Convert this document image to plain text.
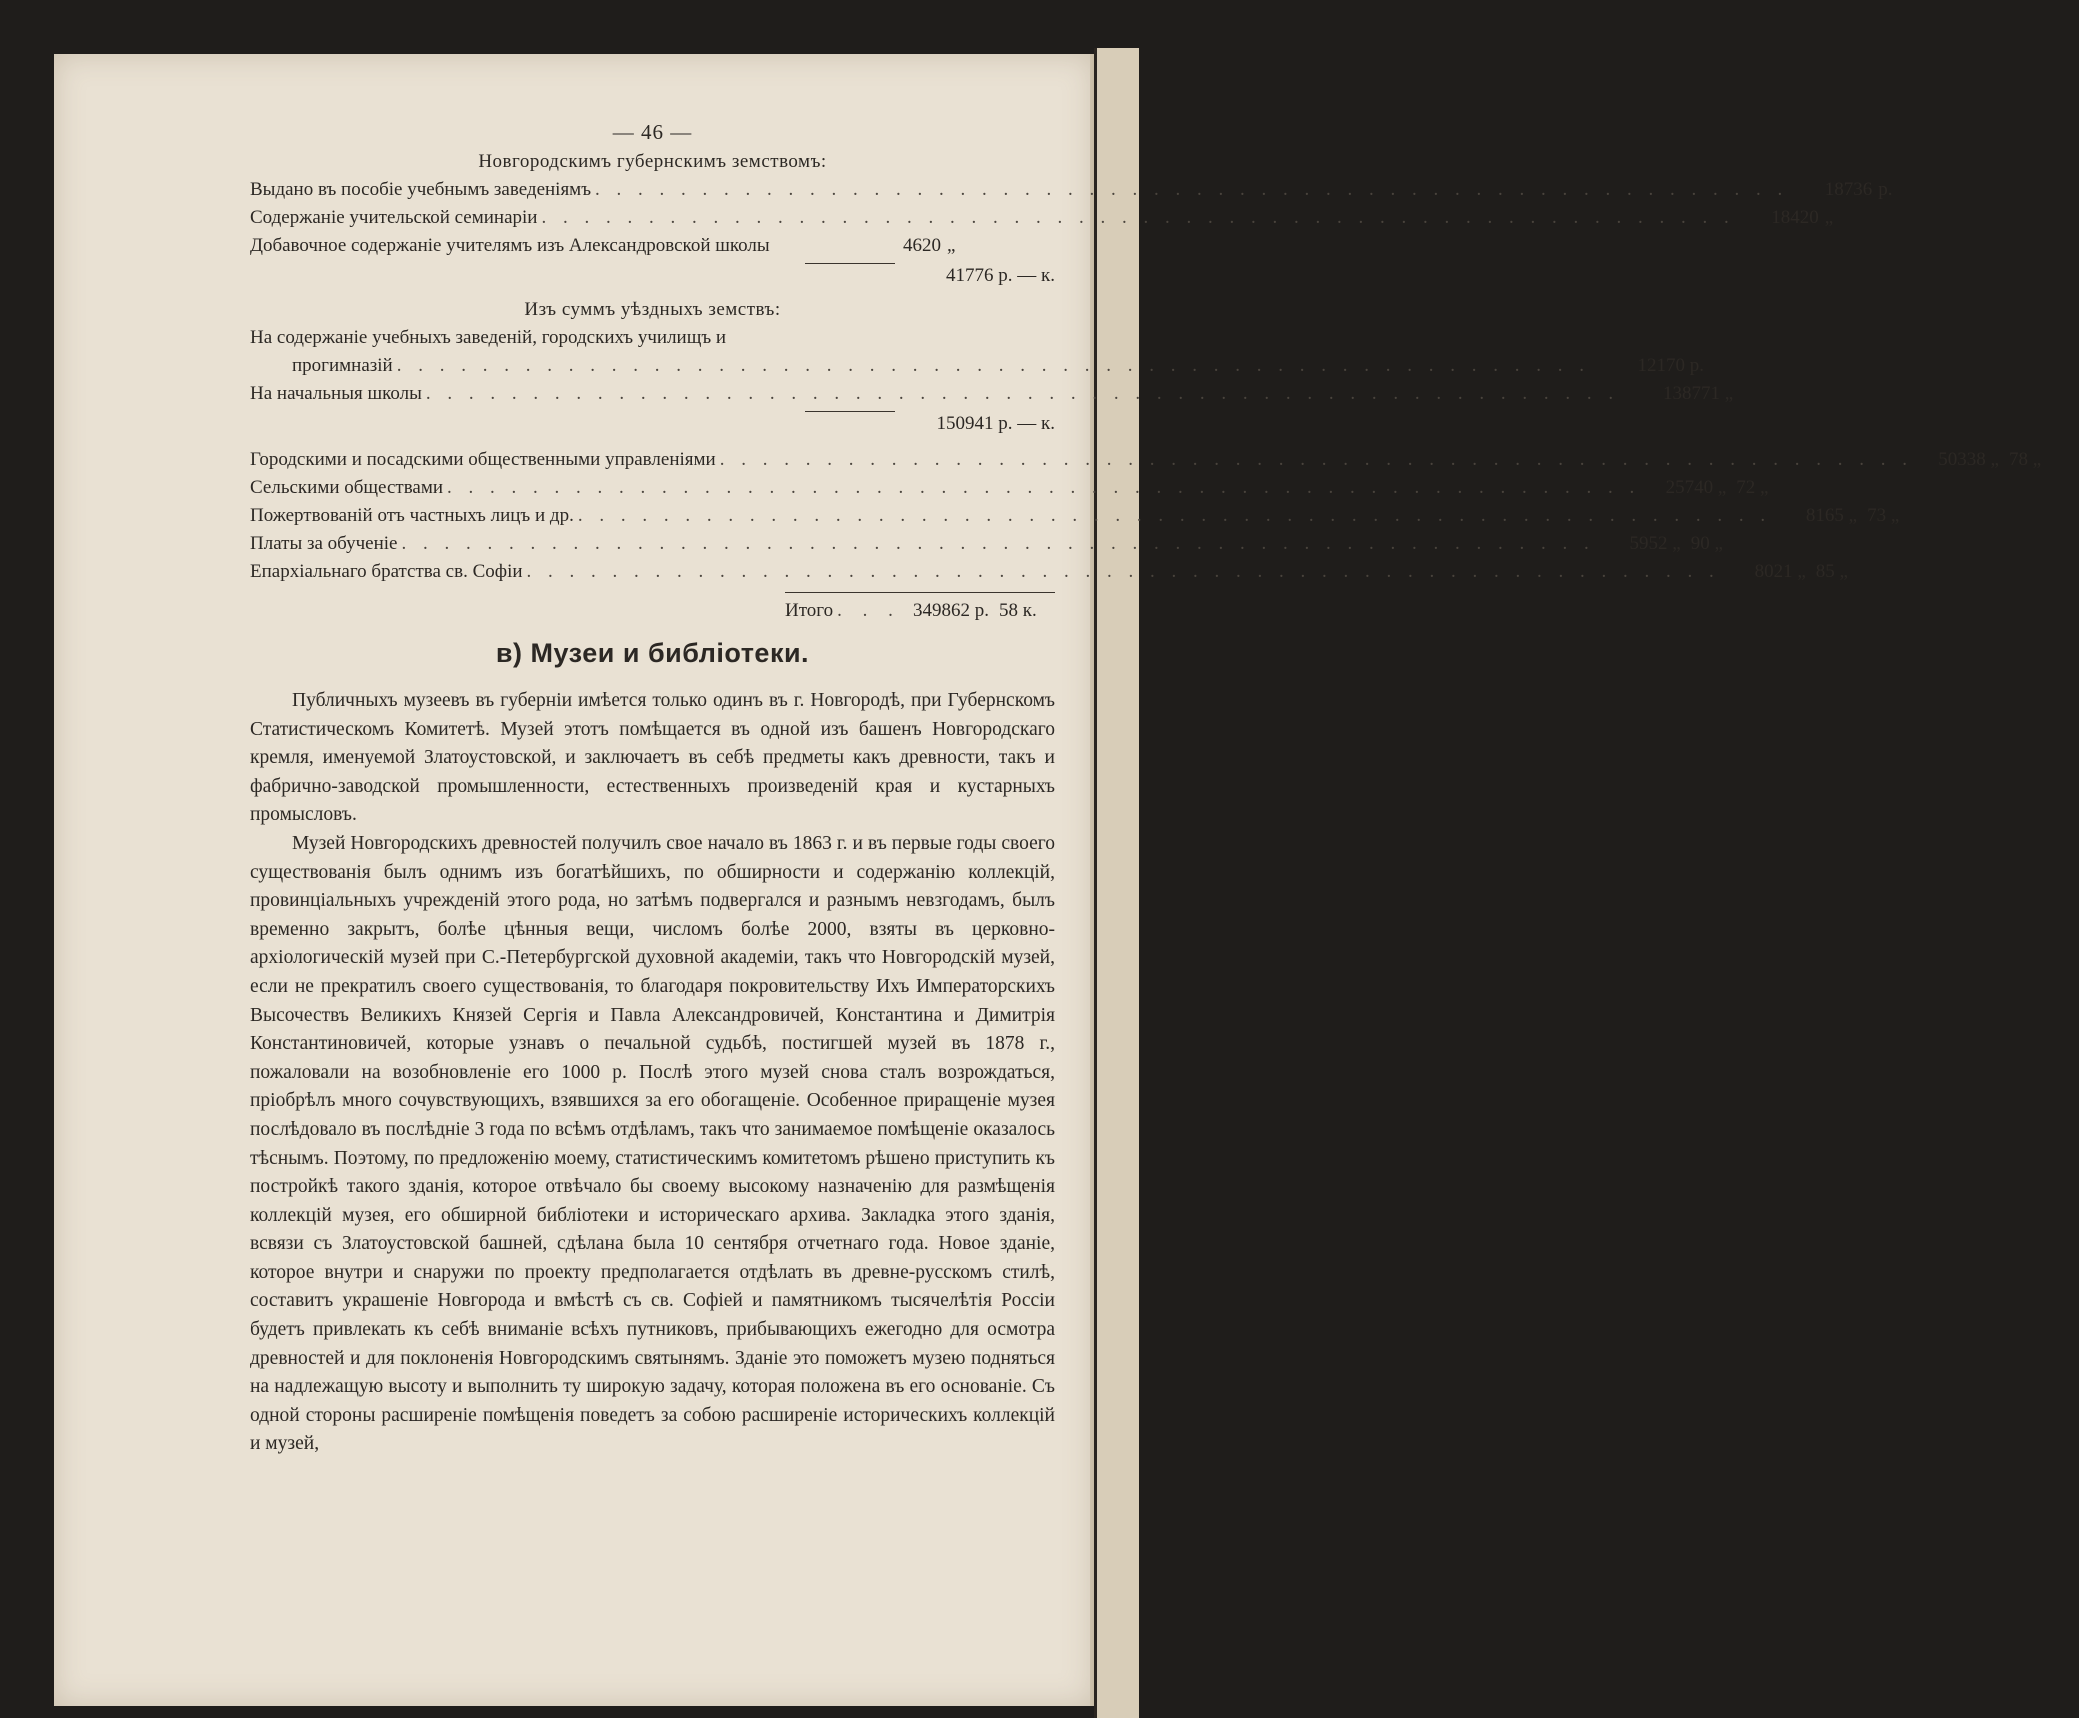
— 46 —
Новгородскимъ губернскимъ земствомъ:
Выдано въ пособіе учебнымъ заведеніямъ . . . . . . . . . . . . . . . . . . . . . . . . . . . . . . . . . . . . . . . . . . . . . . . . . . . . . . . .	18736 р.
Содержаніе учительской семинаріи . . . . . . . . . . . . . . . . . . . . . . . . . . . . . . . . . . . . . . . . . . . . . . . . . . . . . . . .	18420 „
Добавочное содержаніе учителямъ изъ Александровской школы	4620 „
41776 р. — к.
Изъ суммъ уѣздныхъ земствъ:
На содержаніе учебныхъ заведеній, городскихъ училищъ и
прогимназій . . . . . . . . . . . . . . . . . . . . . . . . . . . . . . . . . . . . . . . . . . . . . . . . . . . . . . . .	12170 р.
На начальныя школы . . . . . . . . . . . . . . . . . . . . . . . . . . . . . . . . . . . . . . . . . . . . . . . . . . . . . . . .	138771 „
150941 р. — к.
Городскими и посадскими общественными управленіями . . . . . . . . . . . . . . . . . . . . . . . . . . . . . . . . . . . . . . . . . . . . . . . . . . . . . . . .	50338 „ 78 „
Сельскими обществами . . . . . . . . . . . . . . . . . . . . . . . . . . . . . . . . . . . . . . . . . . . . . . . . . . . . . . . .	25740 „ 72 „
Пожертвованій отъ частныхъ лицъ и др. . . . . . . . . . . . . . . . . . . . . . . . . . . . . . . . . . . . . . . . . . . . . . . . . . . . . . . . .	8165 „ 73 „
Платы за обученіе . . . . . . . . . . . . . . . . . . . . . . . . . . . . . . . . . . . . . . . . . . . . . . . . . . . . . . . .	5952 „ 90 „
Епархіальнаго братства св. Софіи . . . . . . . . . . . . . . . . . . . . . . . . . . . . . . . . . . . . . . . . . . . . . . . . . . . . . . . .	8021 „ 85 „
Итого . . . 349862 р. 58 к.
в) Музеи и библіотеки.

Публичныхъ музеевъ въ губерніи имѣется только одинъ въ г. Новгородѣ, при Губернскомъ Статистическомъ Комитетѣ. Музей этотъ помѣщается въ одной изъ башенъ Новгородскаго кремля, именуемой Златоустовской, и заключаетъ въ себѣ предметы какъ древности, такъ и фабрично-заводской промышленности, естественныхъ произведеній края и кустарныхъ промысловъ.

Музей Новгородскихъ древностей получилъ свое начало въ 1863 г. и въ первые годы своего существованія былъ однимъ изъ богатѣйшихъ, по обширности и содержанію коллекцій, провинціальныхъ учрежденій этого рода, но затѣмъ подвергался и разнымъ невзгодамъ, былъ временно закрытъ, болѣе цѣнныя вещи, числомъ болѣе 2000, взяты въ церковно-архіологическій музей при С.-Петербургской духовной академіи, такъ что Новгородскій музей, если не прекратилъ своего существованія, то благодаря покровительству Ихъ Императорскихъ Высочествъ Великихъ Князей Сергія и Павла Александровичей, Константина и Димитрія Константиновичей, которые узнавъ о печальной судьбѣ, постигшей музей въ 1878 г., пожаловали на возобновленіе его 1000 р. Послѣ этого музей снова сталъ возрождаться, пріобрѣлъ много сочувствующихъ, взявшихся за его обогащеніе. Особенное приращеніе музея послѣдовало въ послѣдніе 3 года по всѣмъ отдѣламъ, такъ что занимаемое помѣщеніе оказалось тѣснымъ. Поэтому, по предложенію моему, статистическимъ комитетомъ рѣшено приступить къ постройкѣ такого зданія, которое отвѣчало бы своему высокому назначенію для размѣщенія коллекцій музея, его обширной библіотеки и историческаго архива. Закладка этого зданія, всвязи съ Златоустовской башней, сдѣлана была 10 сентября отчетнаго года. Новое зданіе, которое внутри и снаружи по проекту предполагается отдѣлать въ древне-русскомъ стилѣ, составитъ украшеніе Новгорода и вмѣстѣ съ св. Софіей и памятникомъ тысячелѣтія Россіи будетъ привлекать къ себѣ вниманіе всѣхъ путниковъ, прибывающихъ ежегодно для осмотра древностей и для поклоненія Новгородскимъ святынямъ. Зданіе это поможетъ музею подняться на надлежащую высоту и выполнить ту широкую задачу, которая положена въ его основаніе. Съ одной стороны расширеніе помѣщенія поведетъ за собою расширеніе историческихъ коллекцій и музей,
